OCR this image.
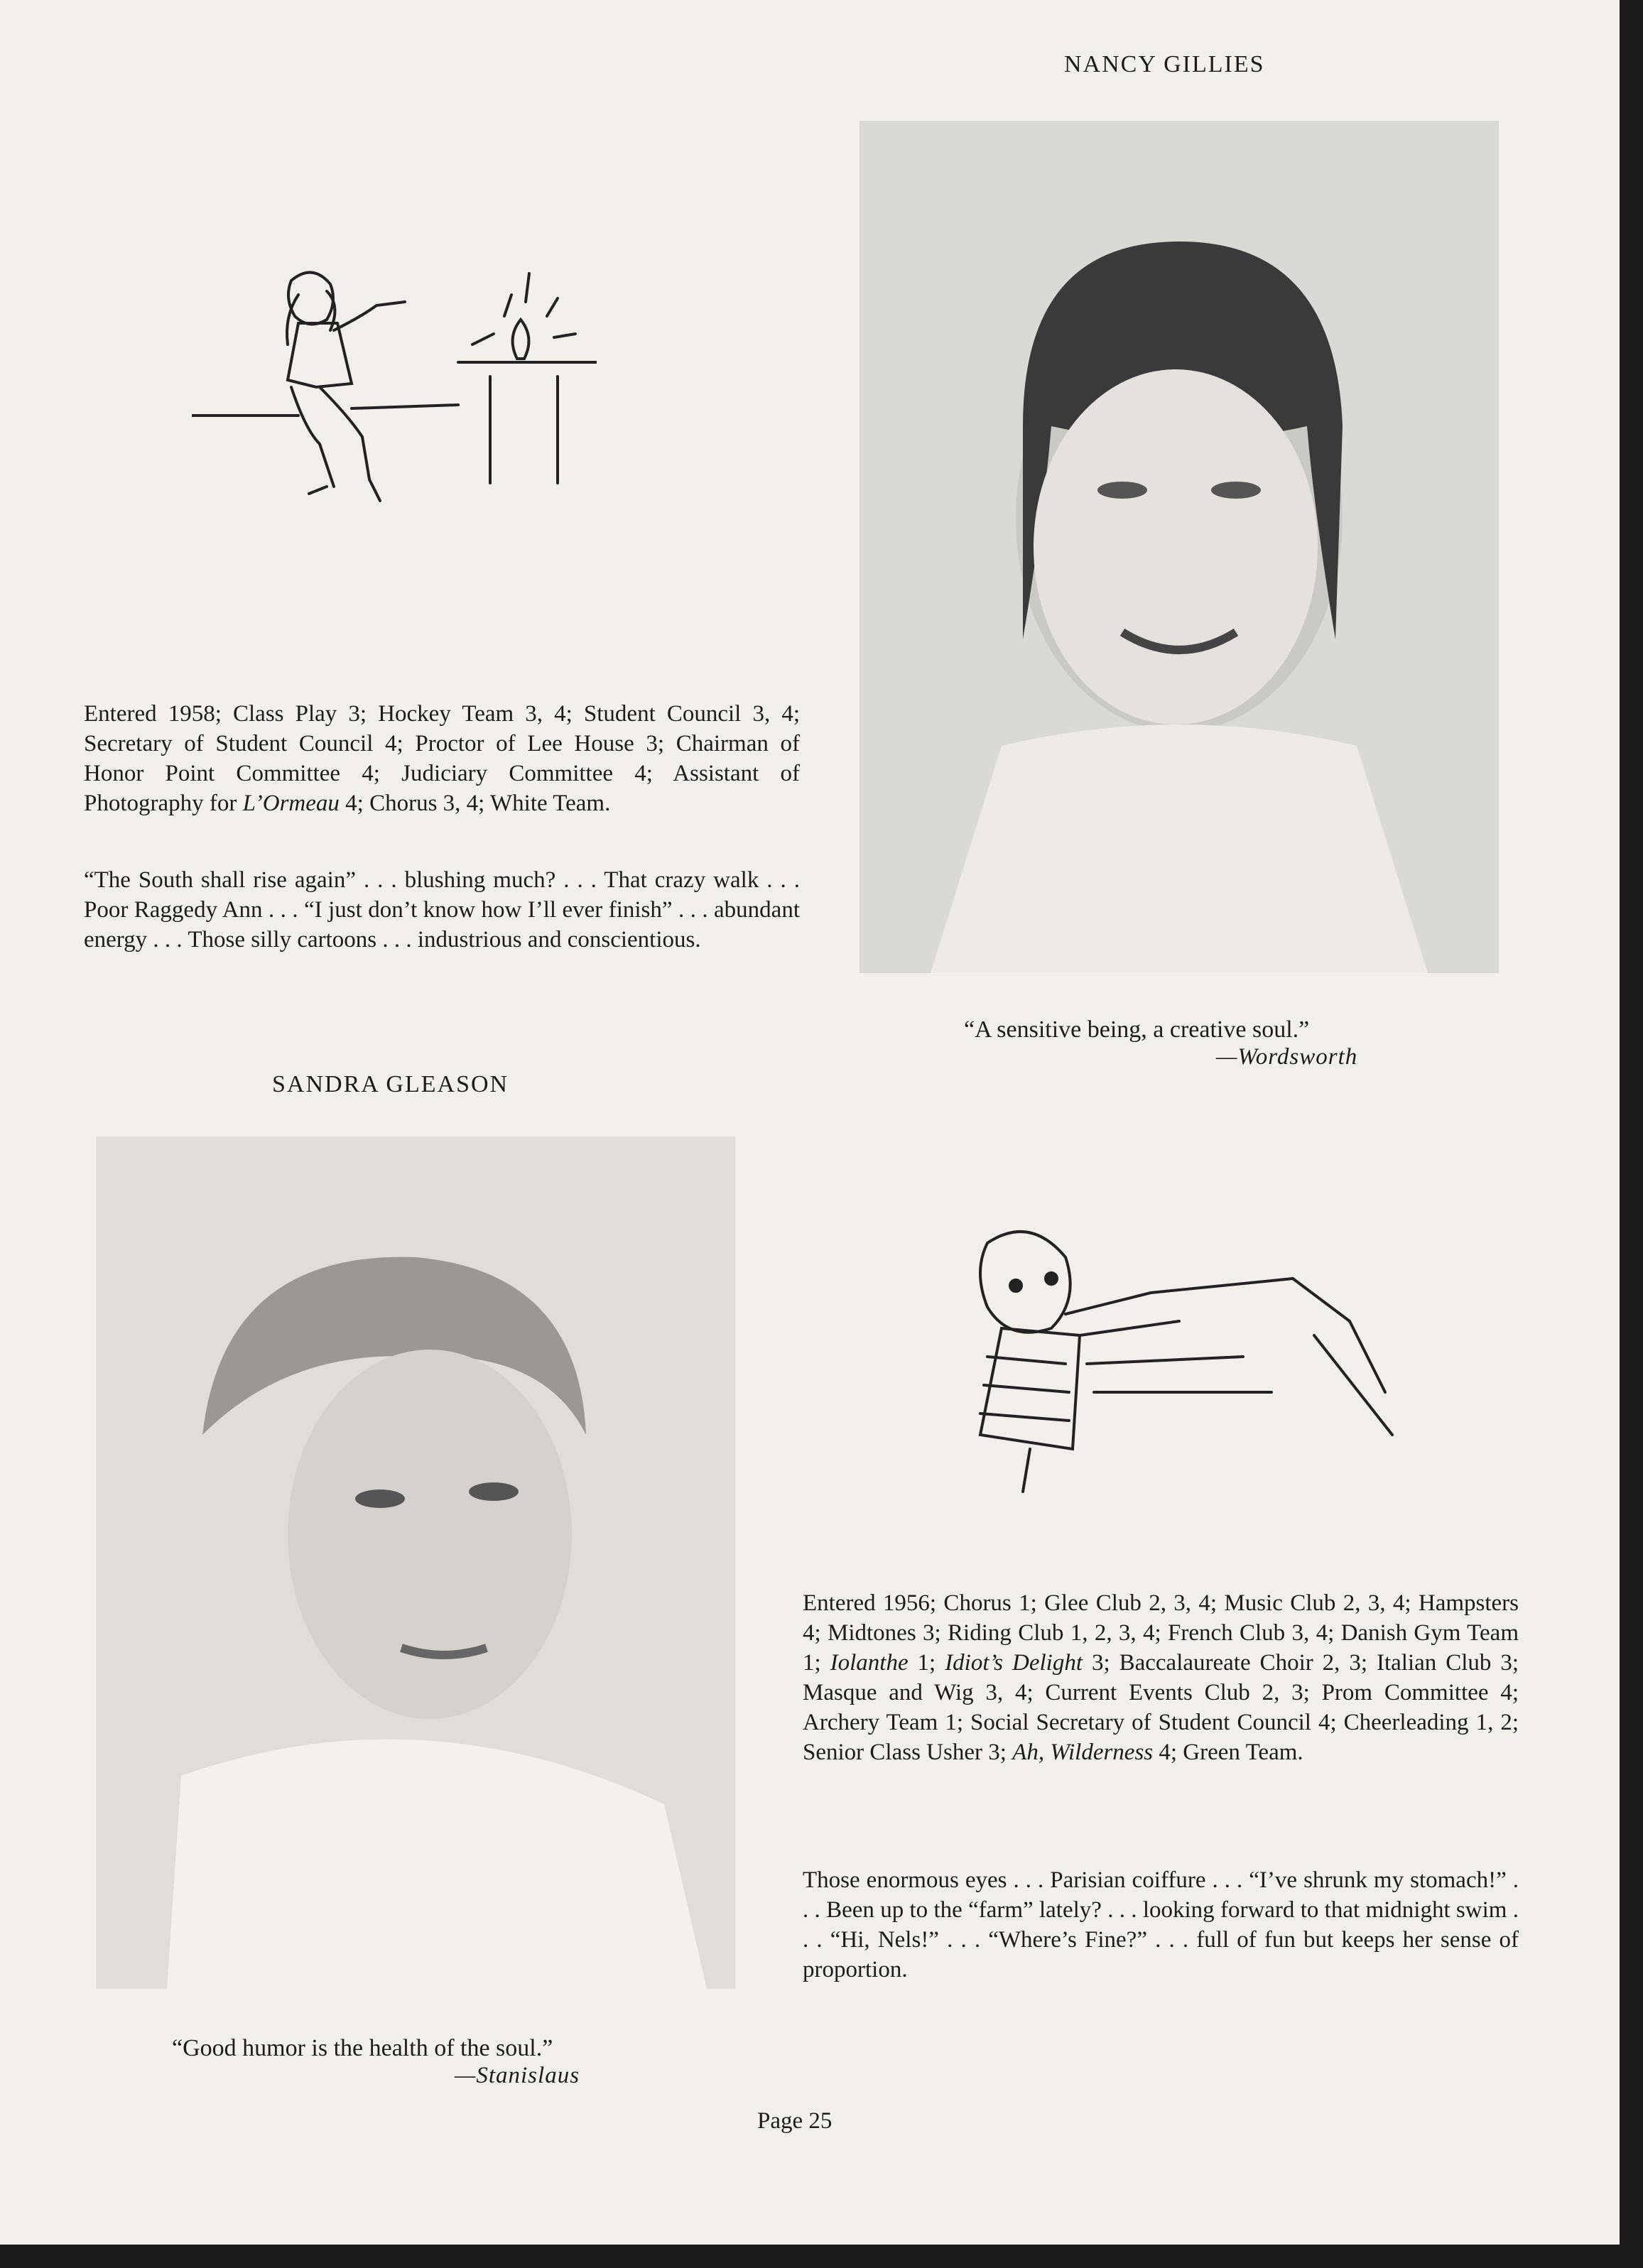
NANCY GILLIES
Entered 1958; Class Play 3; Hockey Team 3, 4; Student Council 3, 4; Secretary of Student Council 4; Proctor of Lee House 3; Chairman of Honor Point Committee 4; Judiciary Committee 4; Assistant of Photography for L’Ormeau 4; Chorus 3, 4; White Team.
“The South shall rise again” . . . blushing much? . . . That crazy walk . . . Poor Raggedy Ann . . . “I just don’t know how I’ll ever finish” . . . abundant energy . . . Those silly cartoons . . . industrious and conscientious.
“A sensitive being, a creative soul.”
—Wordsworth
SANDRA GLEASON
Entered 1956; Chorus 1; Glee Club 2, 3, 4; Music Club 2, 3, 4; Hampsters 4; Midtones 3; Riding Club 1, 2, 3, 4; French Club 3, 4; Danish Gym Team 1; Iolanthe 1; Idiot’s Delight 3; Baccalaureate Choir 2, 3; Italian Club 3; Masque and Wig 3, 4; Current Events Club 2, 3; Prom Committee 4; Archery Team 1; Social Secretary of Student Council 4; Cheerleading 1, 2; Senior Class Usher 3; Ah, Wilderness 4; Green Team.
Those enormous eyes . . . Parisian coiffure . . . “I’ve shrunk my stomach!” . . . Been up to the “farm” lately? . . . looking forward to that midnight swim . . . “Hi, Nels!” . . . “Where’s Fine?” . . . full of fun but keeps her sense of proportion.
“Good humor is the health of the soul.”
—Stanislaus
Page 25
